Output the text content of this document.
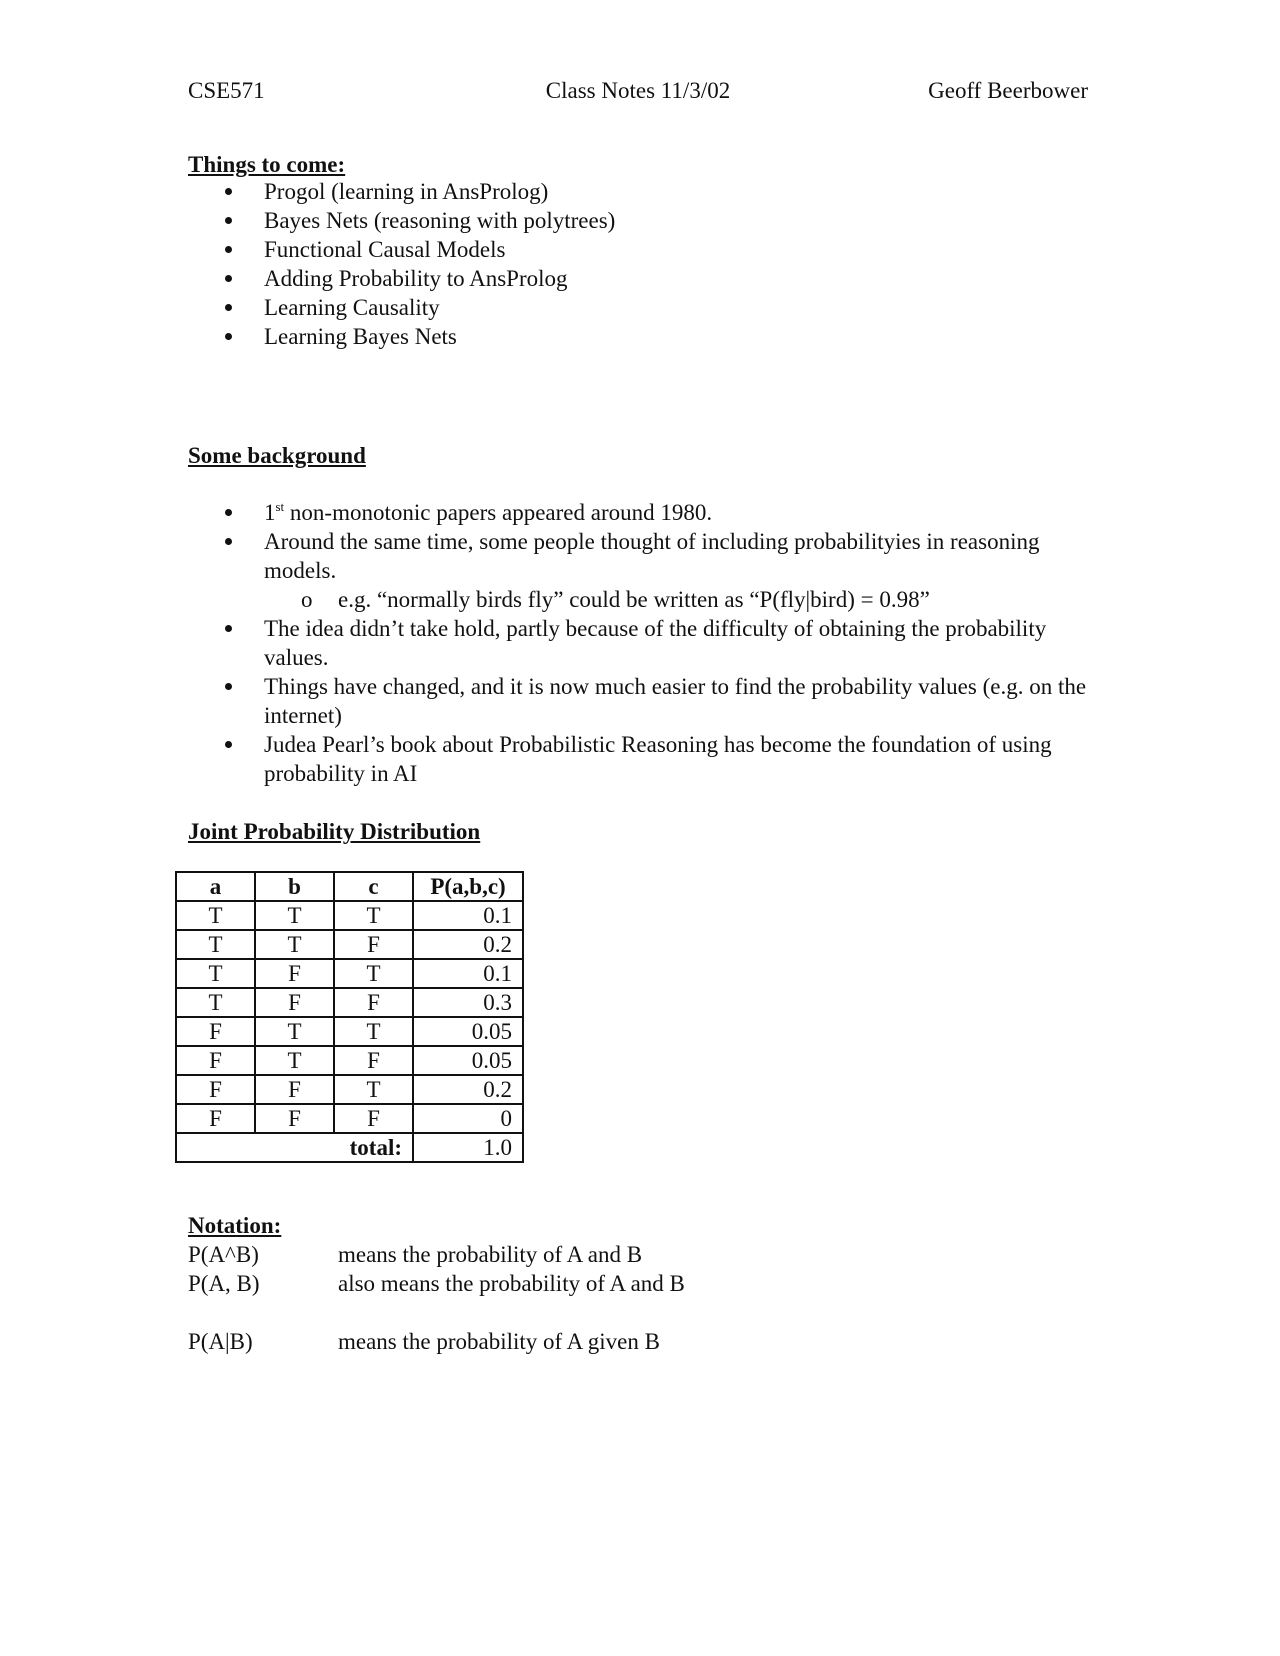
CSE571	Class Notes 11/3/02	Geoff Beerbower
Things to come:
Progol (learning in AnsProlog)
Bayes Nets (reasoning with polytrees)
Functional Causal Models
Adding Probability to AnsProlog
Learning Causality
Learning Bayes Nets
Some background
1st non-monotonic papers appeared around 1980.
Around the same time, some people thought of including probabilityies in reasoning models.
o e.g. “normally birds fly” could be written as “P(fly|bird) = 0.98”
The idea didn’t take hold, partly because of the difficulty of obtaining the probability values.
Things have changed, and it is now much easier to find the probability values (e.g. on the internet)
Judea Pearl’s book about Probabilistic Reasoning has become the foundation of using probability in AI
Joint Probability Distribution
a	b	c	P(a,b,c)
T	T	T	0.1
T	T	F	0.2
T	F	T	0.1
T	F	F	0.3
F	T	T	0.05
F	T	F	0.05
F	F	T	0.2
F	F	F	0
total:			1.0
Notation:
P(A^B)	means the probability of A and B
P(A, B)	also means the probability of A and B
P(A|B)	means the probability of A given B
